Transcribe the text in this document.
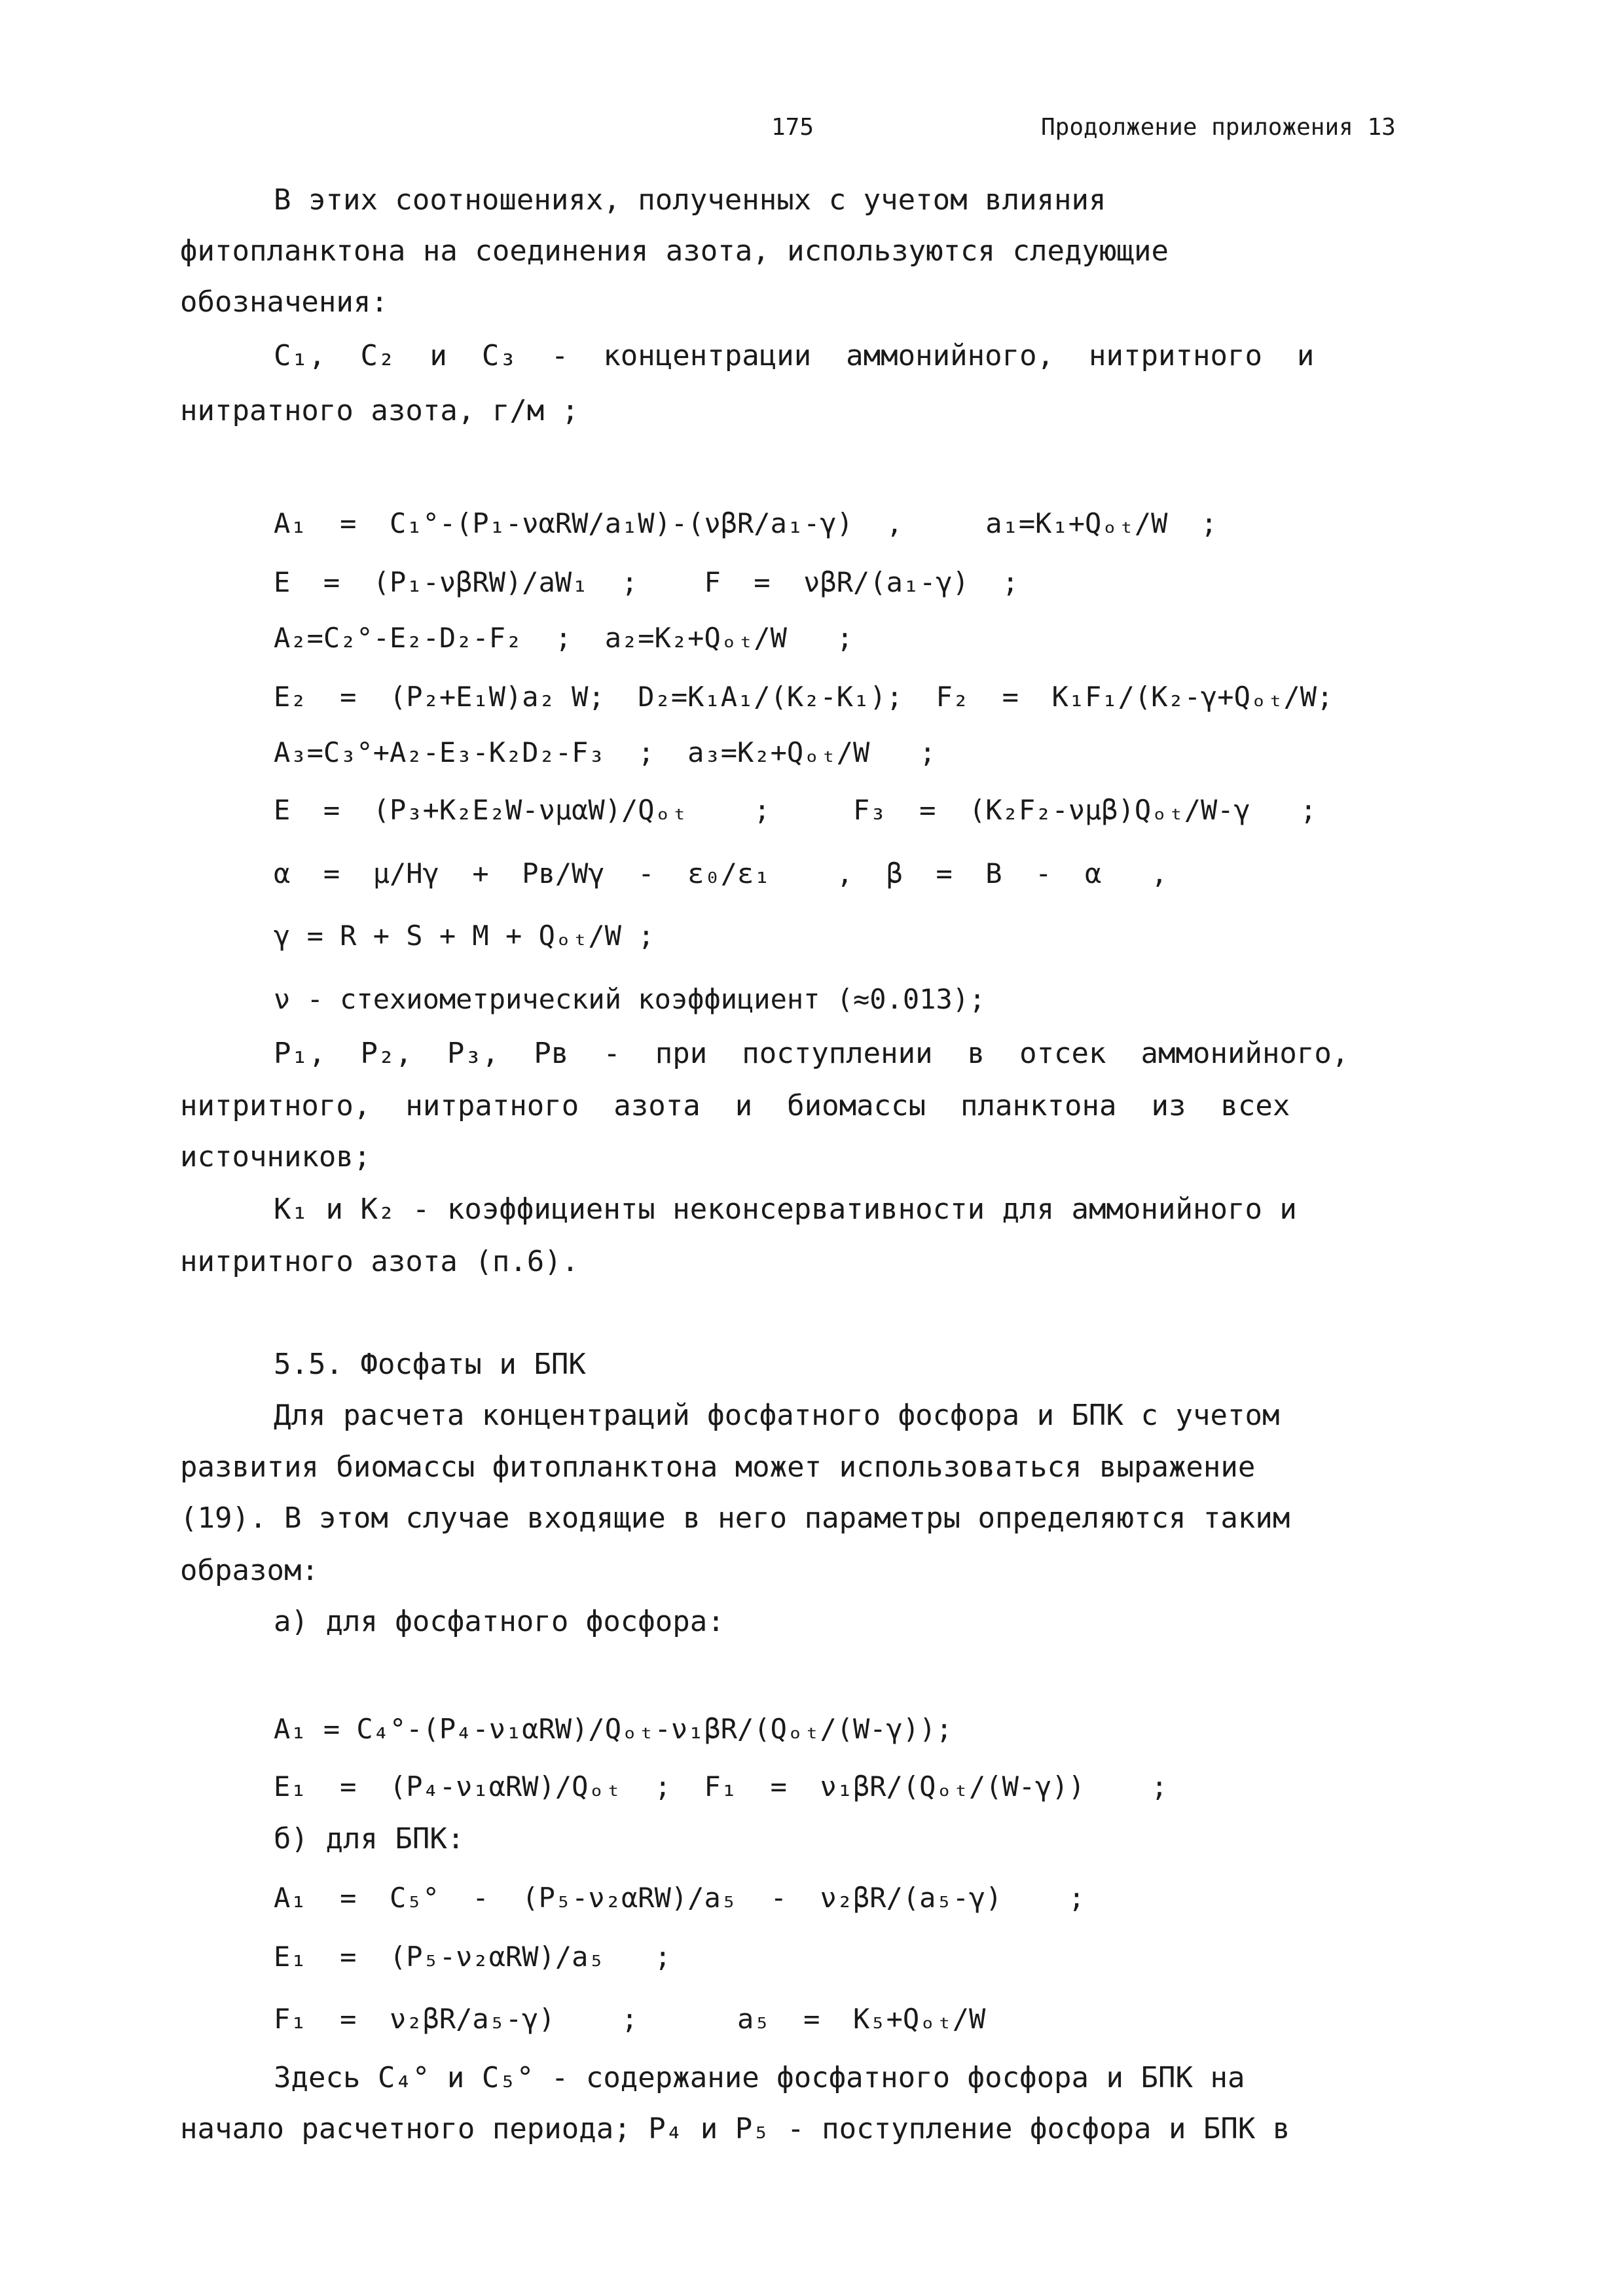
175	Продолжение приложения 13
В этих соотношениях, полученных с учетом влияния
фитопланктона на соединения азота, используются следующие
обозначения:
C₁,  C₂  и  C₃  -  концентрации  аммонийного,  нитритного  и
нитратного азота, г/м ;
A₁  =  C₁°-(P₁-ναRW/a₁W)-(νβR/a₁-γ)  ,     a₁=K₁+Qₒₜ/W  ;
E  =  (P₁-νβRW)/aW₁  ;    F  =  νβR/(a₁-γ)  ;
A₂=C₂°-E₂-D₂-F₂  ;  a₂=K₂+Qₒₜ/W   ;
E₂  =  (P₂+E₁W)a₂ W;  D₂=K₁A₁/(K₂-K₁);  F₂  =  K₁F₁/(K₂-γ+Qₒₜ/W;
A₃=C₃°+A₂-E₃-K₂D₂-F₃  ;  a₃=K₂+Qₒₜ/W   ;
E  =  (P₃+K₂E₂W-νμαW)/Qₒₜ    ;     F₃  =  (K₂F₂-νμβ)Qₒₜ/W-γ   ;
α  =  μ/Hγ  +  Pв/Wγ  -  ε₀/ε₁    ,  β  =  B  -  α   ,
γ = R + S + M + Qₒₜ/W ;
ν - стехиометрический коэффициент (≈0.013);
P₁,  P₂,  P₃,  Pв  -  при  поступлении  в  отсек  аммонийного,
нитритного,  нитратного  азота  и  биомассы  планктона  из  всех
источников;
K₁ и K₂ - коэффициенты неконсервативности для аммонийного и
нитритного азота (п.6).
5.5. Фосфаты и БПК
Для расчета концентраций фосфатного фосфора и БПК с учетом
развития биомассы фитопланктона может использоваться выражение
(19). В этом случае входящие в него параметры определяются таким
образом:
а) для фосфатного фосфора:
A₁ = C₄°-(P₄-ν₁αRW)/Qₒₜ-ν₁βR/(Qₒₜ/(W-γ));
E₁  =  (P₄-ν₁αRW)/Qₒₜ  ;  F₁  =  ν₁βR/(Qₒₜ/(W-γ))    ;
б) для БПК:
A₁  =  C₅°  -  (P₅-ν₂αRW)/a₅  -  ν₂βR/(a₅-γ)    ;
E₁  =  (P₅-ν₂αRW)/a₅   ;
F₁  =  ν₂βR/a₅-γ)    ;      a₅  =  K₅+Qₒₜ/W
Здесь C₄° и C₅° - содержание фосфатного фосфора и БПК на
начало расчетного периода; P₄ и P₅ - поступление фосфора и БПК в
